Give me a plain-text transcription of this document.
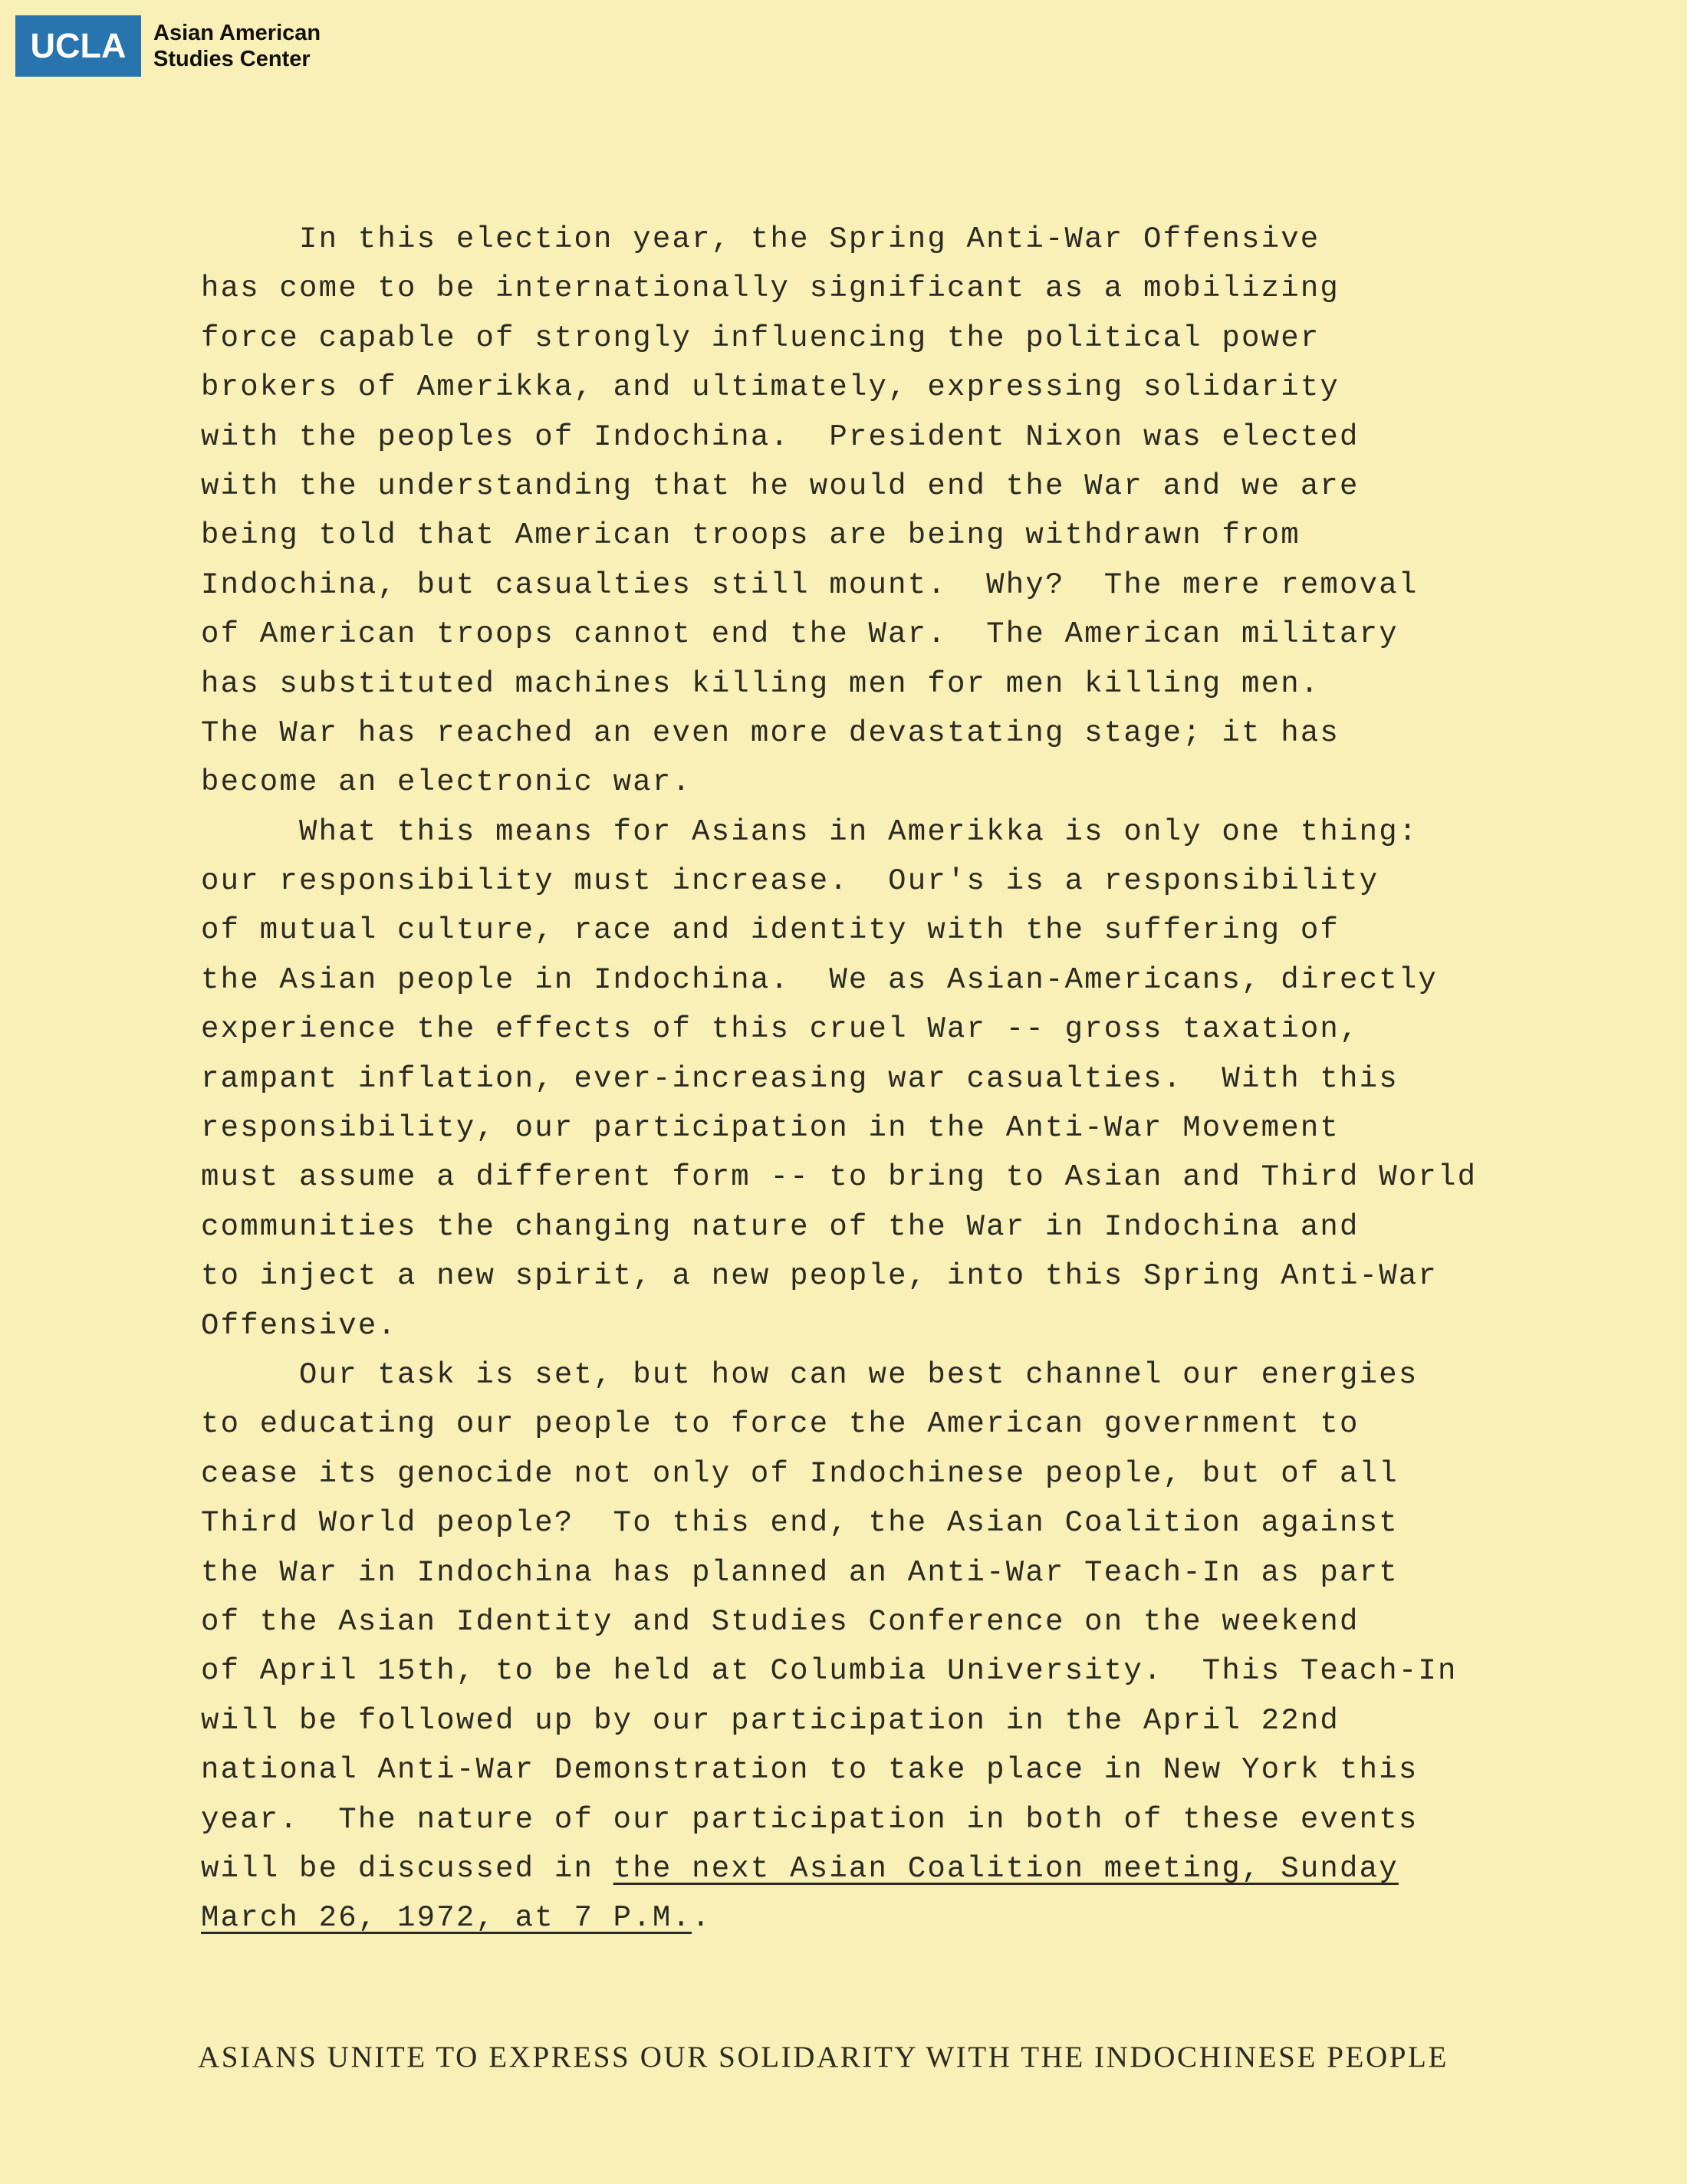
UCLA	Asian American
Studies Center
In this election year, the Spring Anti-War Offensive
has come to be internationally significant as a mobilizing
force capable of strongly influencing the political power
brokers of Amerikka, and ultimately, expressing solidarity
with the peoples of Indochina.  President Nixon was elected
with the understanding that he would end the War and we are
being told that American troops are being withdrawn from
Indochina, but casualties still mount.  Why?  The mere removal
of American troops cannot end the War.  The American military
has substituted machines killing men for men killing men.
The War has reached an even more devastating stage; it has
become an electronic war.
What this means for Asians in Amerikka is only one thing:
our responsibility must increase.  Our's is a responsibility
of mutual culture, race and identity with the suffering of
the Asian people in Indochina.  We as Asian-Americans, directly
experience the effects of this cruel War -- gross taxation,
rampant inflation, ever-increasing war casualties.  With this
responsibility, our participation in the Anti-War Movement
must assume a different form -- to bring to Asian and Third World
communities the changing nature of the War in Indochina and
to inject a new spirit, a new people, into this Spring Anti-War
Offensive.
Our task is set, but how can we best channel our energies
to educating our people to force the American government to
cease its genocide not only of Indochinese people, but of all
Third World people?  To this end, the Asian Coalition against
the War in Indochina has planned an Anti-War Teach-In as part
of the Asian Identity and Studies Conference on the weekend
of April 15th, to be held at Columbia University.  This Teach-In
will be followed up by our participation in the April 22nd
national Anti-War Demonstration to take place in New York this
year.  The nature of our participation in both of these events
will be discussed in the next Asian Coalition meeting, Sunday
March 26, 1972, at 7 P.M..
ASIANS UNITE TO EXPRESS OUR SOLIDARITY WITH THE INDOCHINESE PEOPLE
